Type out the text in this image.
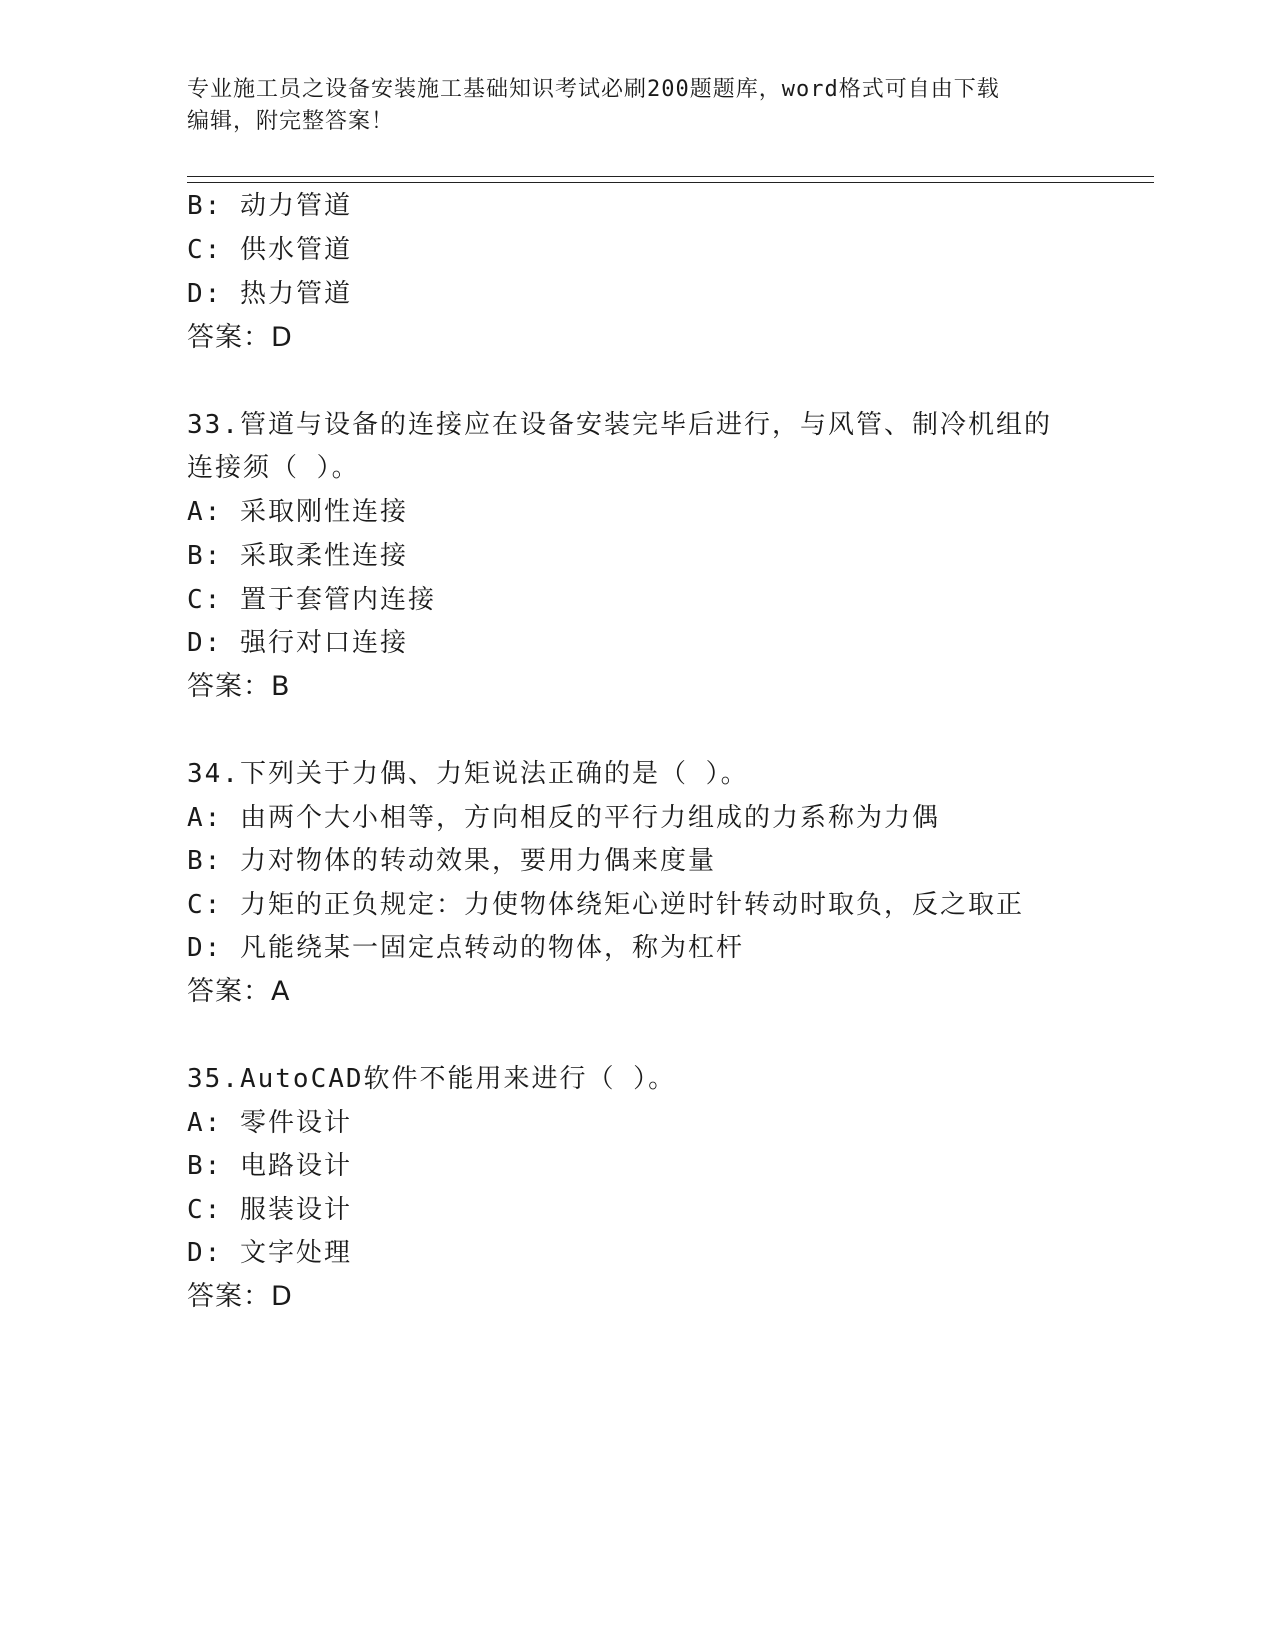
专业施工员之设备安装施工基础知识考试必刷200题题库，word格式可自由下载
编辑，附完整答案！
B: 动力管道
C: 供水管道
D: 热力管道
答案：D
33.管道与设备的连接应在设备安装完毕后进行，与风管、制冷机组的
连接须（ ）。
A: 采取刚性连接
B: 采取柔性连接
C: 置于套管内连接
D: 强行对口连接
答案：B
34.下列关于力偶、力矩说法正确的是（ ）。
A: 由两个大小相等，方向相反的平行力组成的力系称为力偶
B: 力对物体的转动效果，要用力偶来度量
C: 力矩的正负规定：力使物体绕矩心逆时针转动时取负，反之取正
D: 凡能绕某一固定点转动的物体，称为杠杆
答案：A
35.AutoCAD软件不能用来进行（ ）。
A: 零件设计
B: 电路设计
C: 服装设计
D: 文字处理
答案：D
